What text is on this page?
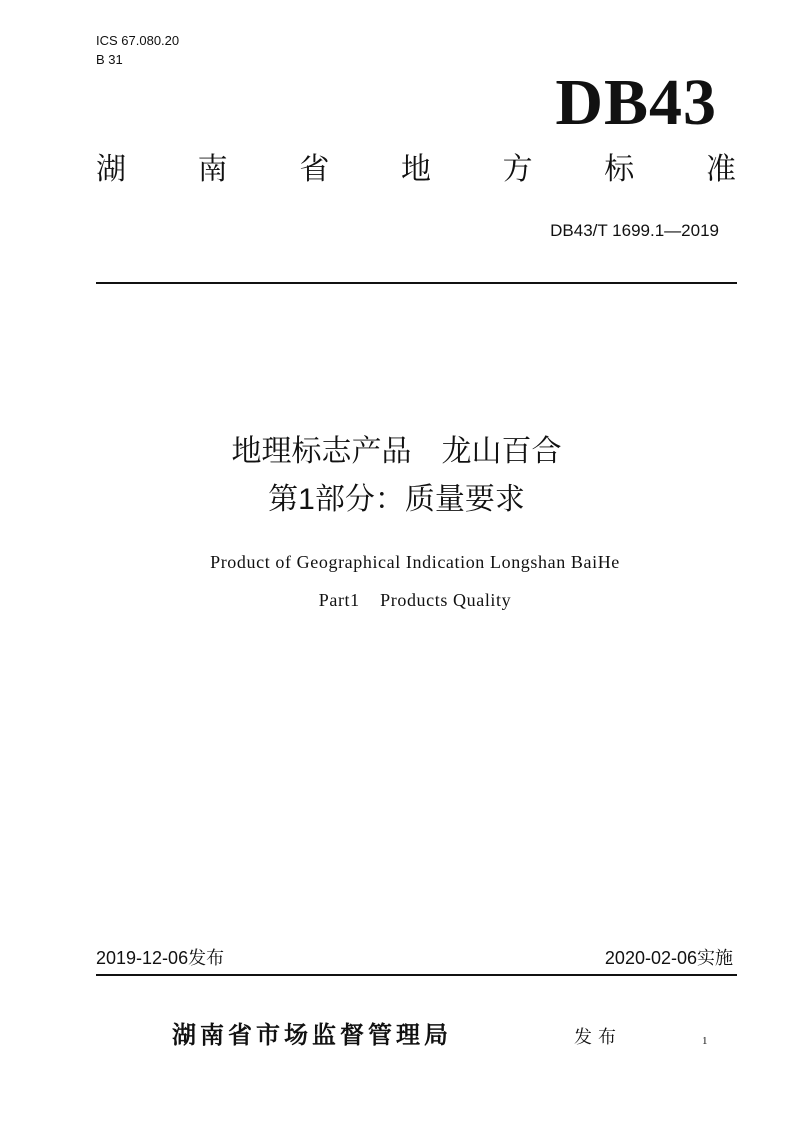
ICS 67.080.20
B 31
DB43
湖 南 省 地 方 标 准
DB43/T 1699.1—2019
地理标志产品　龙山百合
第1部分：质量要求
Product of Geographical Indication Longshan BaiHe
Part1    Products Quality
2019-12-06发布	2020-02-06实施
湖南省市场监督管理局	发布	1
